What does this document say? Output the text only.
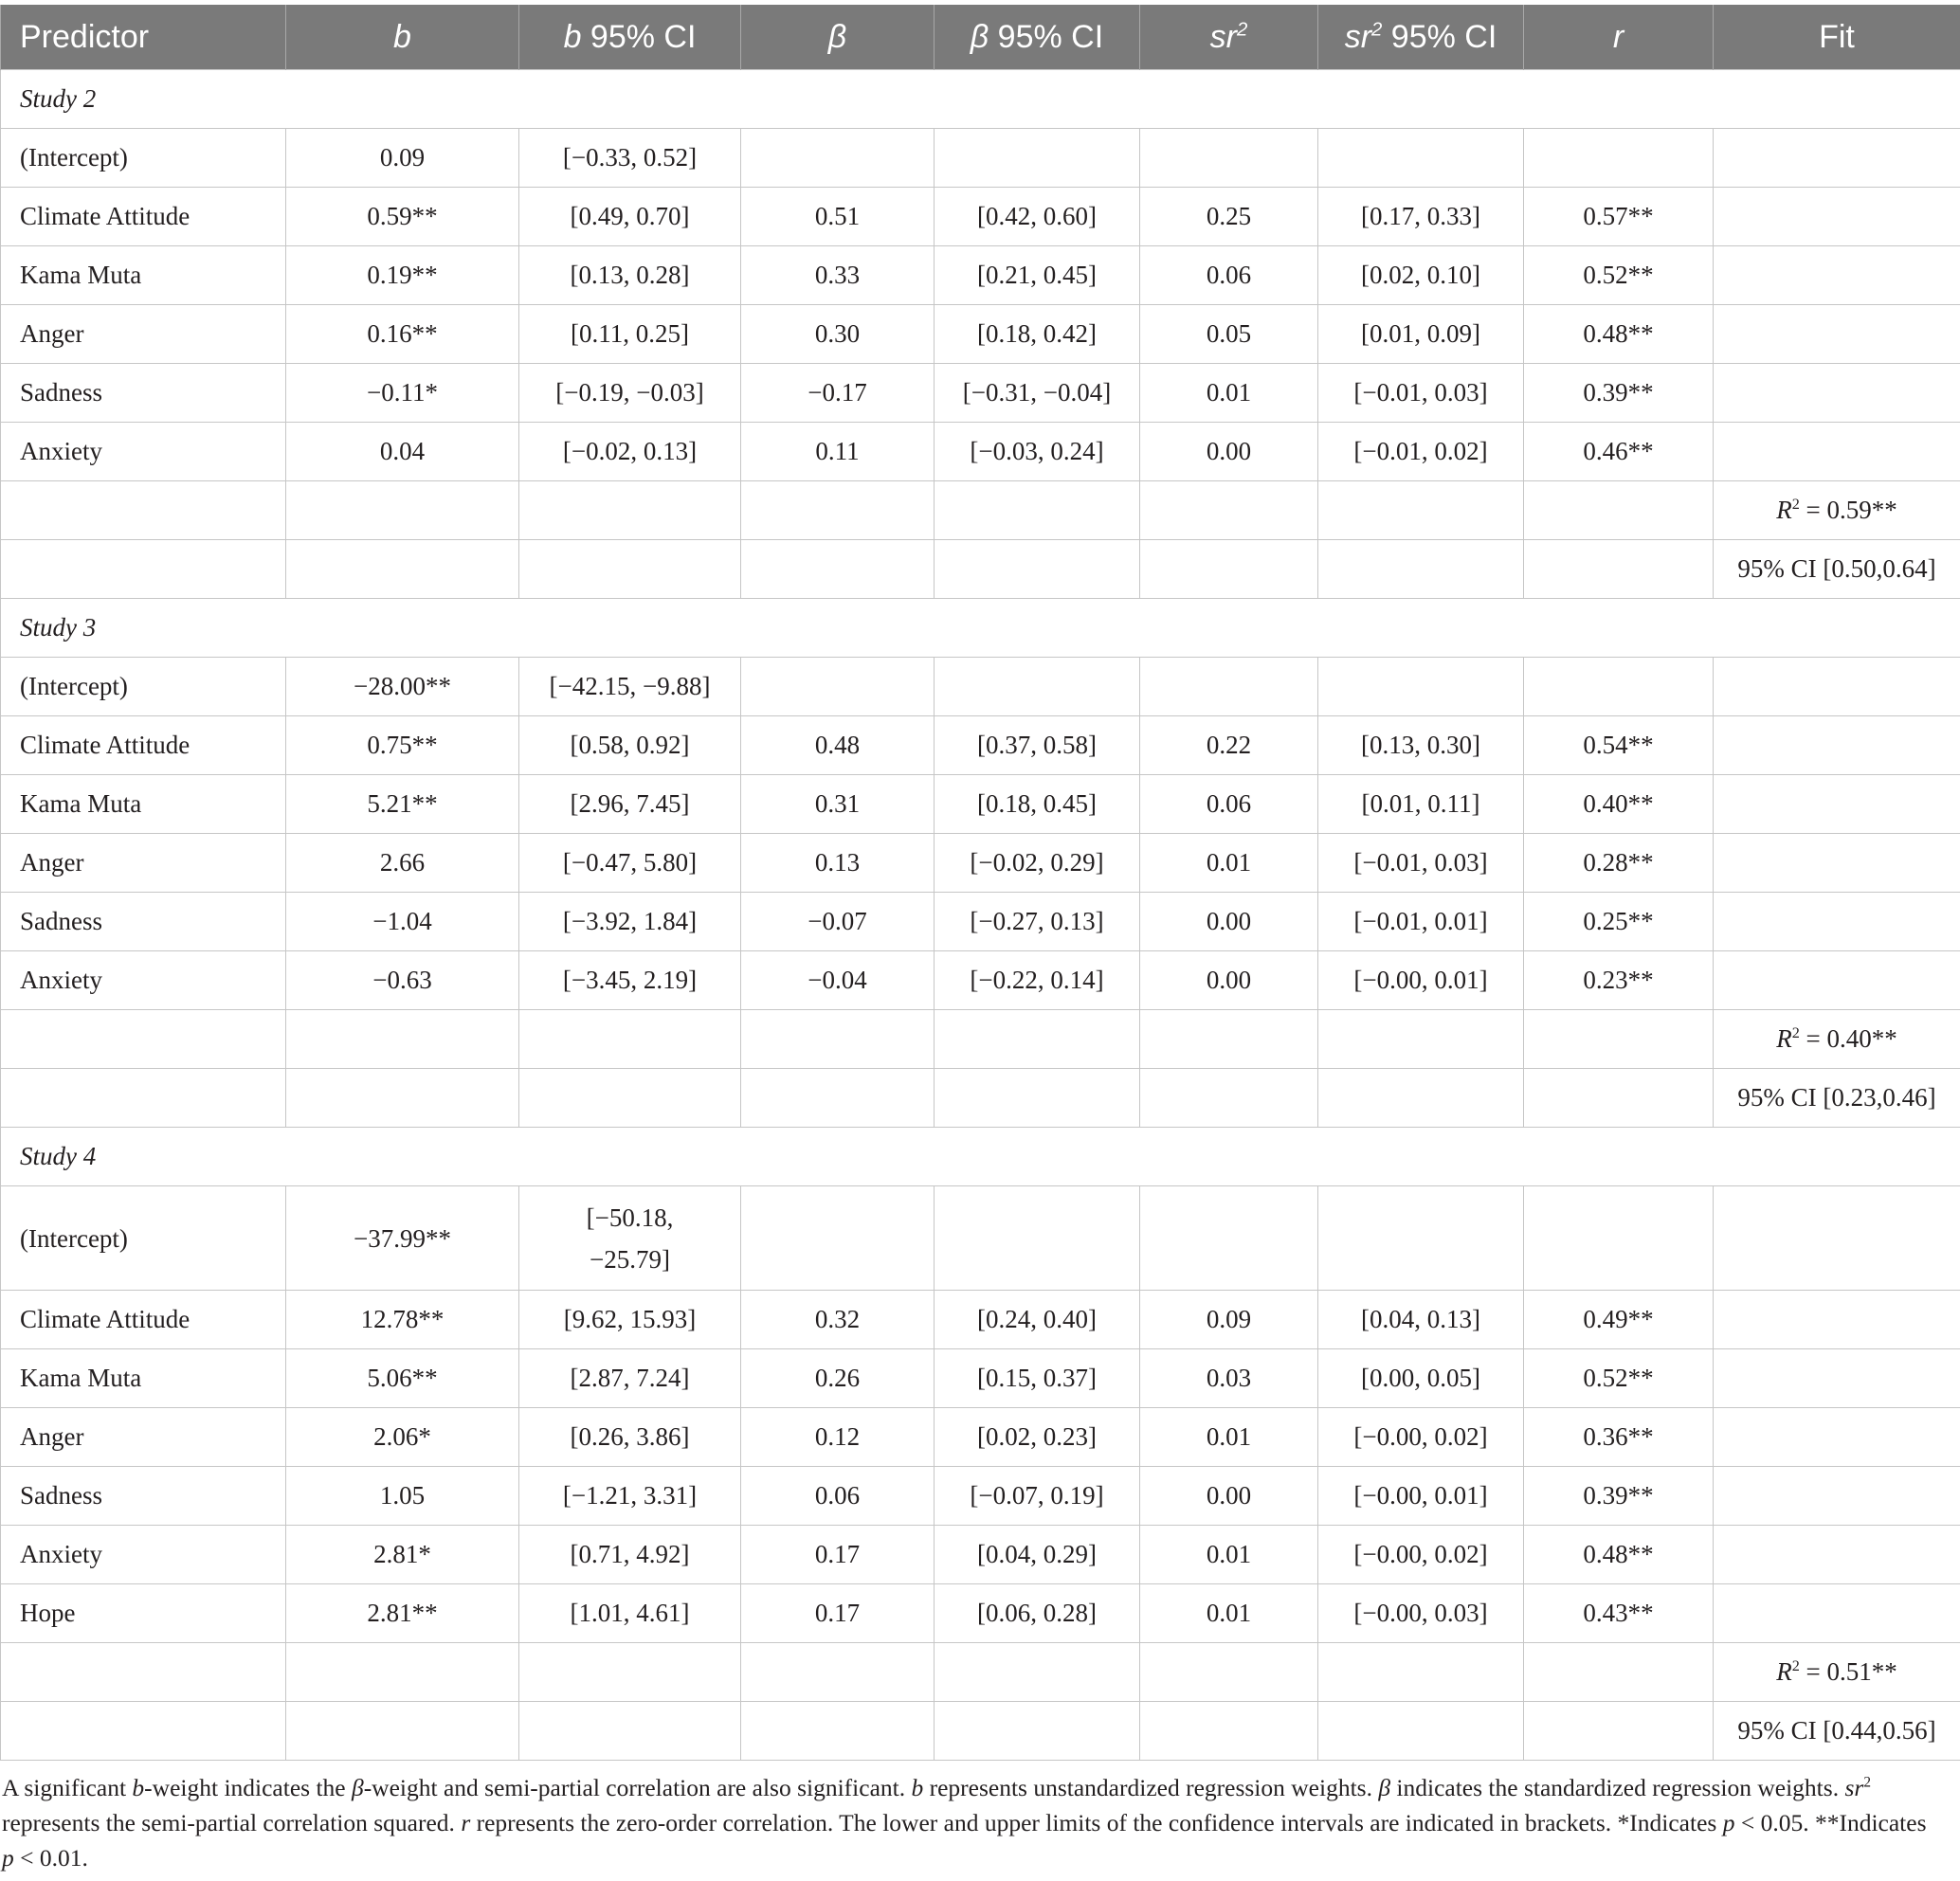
Predictor	b	b 95% CI	β	β 95% CI	$sr^2$	$sr^2$ 95% CI	r	Fit
Study 2								
(Intercept)	0.09	[−0.33, 0.52]						
Climate Attitude	0.59**	[0.49, 0.70]	0.51	[0.42, 0.60]	0.25	[0.17, 0.33]	0.57**	
Kama Muta	0.19**	[0.13, 0.28]	0.33	[0.21, 0.45]	0.06	[0.02, 0.10]	0.52**	
Anger	0.16**	[0.11, 0.25]	0.30	[0.18, 0.42]	0.05	[0.01, 0.09]	0.48**	
Sadness	−0.11*	[−0.19, −0.03]	−0.17	[−0.31, −0.04]	0.01	[−0.01, 0.03]	0.39**	
Anxiety	0.04	[−0.02, 0.13]	0.11	[−0.03, 0.24]	0.00	[−0.01, 0.02]	0.46**	
								$R^2 = 0.59**$
								95% CI [0.50,0.64]
Study 3								
(Intercept)	−28.00**	[−42.15, −9.88]						
Climate Attitude	0.75**	[0.58, 0.92]	0.48	[0.37, 0.58]	0.22	[0.13, 0.30]	0.54**	
Kama Muta	5.21**	[2.96, 7.45]	0.31	[0.18, 0.45]	0.06	[0.01, 0.11]	0.40**	
Anger	2.66	[−0.47, 5.80]	0.13	[−0.02, 0.29]	0.01	[−0.01, 0.03]	0.28**	
Sadness	−1.04	[−3.92, 1.84]	−0.07	[−0.27, 0.13]	0.00	[−0.01, 0.01]	0.25**	
Anxiety	−0.63	[−3.45, 2.19]	−0.04	[−0.22, 0.14]	0.00	[−0.00, 0.01]	0.23**	
								$R^2 = 0.40**$
								95% CI [0.23,0.46]
Study 4								
(Intercept)	−37.99**	[−50.18,
−25.79]						
Climate Attitude	12.78**	[9.62, 15.93]	0.32	[0.24, 0.40]	0.09	[0.04, 0.13]	0.49**	
Kama Muta	5.06**	[2.87, 7.24]	0.26	[0.15, 0.37]	0.03	[0.00, 0.05]	0.52**	
Anger	2.06*	[0.26, 3.86]	0.12	[0.02, 0.23]	0.01	[−0.00, 0.02]	0.36**	
Sadness	1.05	[−1.21, 3.31]	0.06	[−0.07, 0.19]	0.00	[−0.00, 0.01]	0.39**	
Anxiety	2.81*	[0.71, 4.92]	0.17	[0.04, 0.29]	0.01	[−0.00, 0.02]	0.48**	
Hope	2.81**	[1.01, 4.61]	0.17	[0.06, 0.28]	0.01	[−0.00, 0.03]	0.43**	
								$R^2 = 0.51**$
								95% CI [0.44,0.56]
A significant b-weight indicates the β-weight and semi-partial correlation are also significant. b represents unstandardized regression weights. β indicates the standardized regression weights. $sr^2$ represents the semi-partial correlation squared. r represents the zero-order correlation. The lower and upper limits of the confidence intervals are indicated in brackets. *Indicates p < 0.05. **Indicates p < 0.01.
